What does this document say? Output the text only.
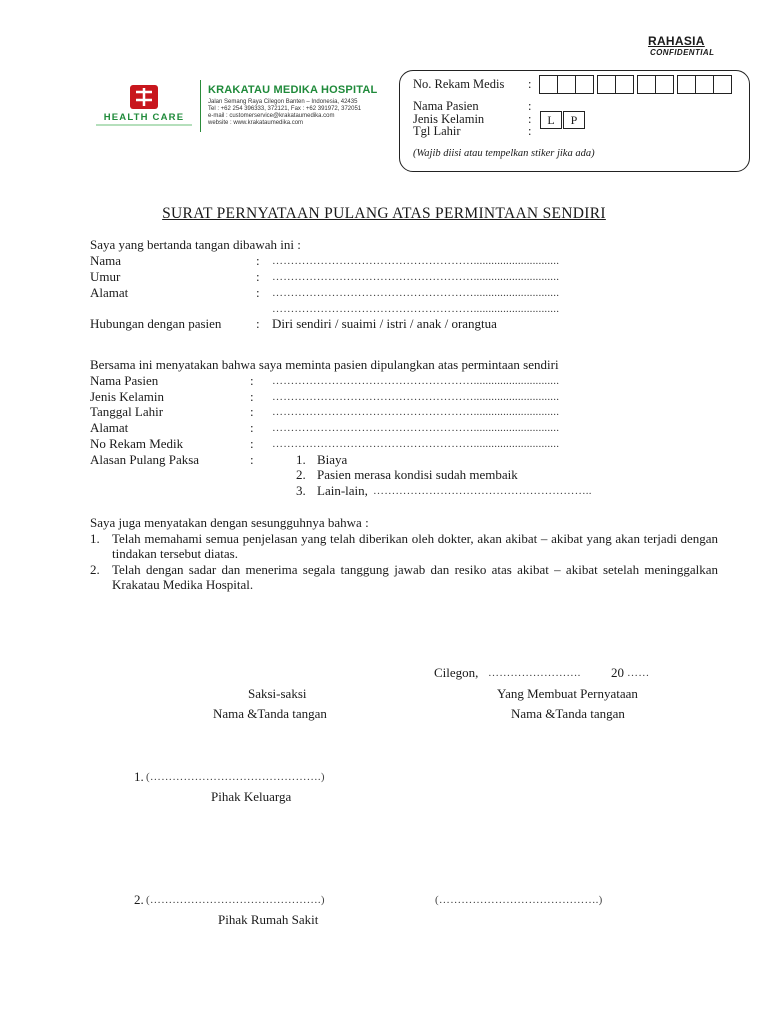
RAHASIA
CONFIDENTIAL
HEALTH CARE
KRAKATAU MEDIKA HOSPITAL
Jalan Semang Raya Cilegon Banten – Indonesia, 42435
Tel : +62 254 396333, 372121, Fax : +62 391972, 372051
e-mail : customerservice@krakataumedika.com
website : www.krakataumedika.com
No. Rekam Medis :
Nama Pasien	:
Jenis Kelamin	:	L	P
Tgl Lahir	:
(Wajib diisi atau tempelkan stiker jika ada)
SURAT PERNYATAAN PULANG ATAS PERMINTAAN SENDIRI
Saya yang bertanda tangan dibawah ini :
Nama	: ……………………………………………….............................
Umur	: ……………………………………………….............................
Alamat	: ……………………………………………….............................
……………………………………………….............................
Hubungan dengan pasien	: Diri sendiri / suaimi / istri / anak / orangtua
Bersama ini menyatakan bahwa saya meminta pasien dipulangkan atas permintaan sendiri
Nama Pasien	: ……………………………………………….............................
Jenis Kelamin	: ……………………………………………….............................
Tanggal Lahir	: ……………………………………………….............................
Alamat	: ……………………………………………….............................
No Rekam Medik	: ……………………………………………….............................
Alasan Pulang Paksa	:	1. Biaya
2. Pasien merasa kondisi sudah membaik
3. Lain-lain, …………………………………………………..
Saya juga menyatakan dengan sesungguhnya bahwa :
1. Telah memahami semua penjelasan yang telah diberikan oleh dokter, akan akibat – akibat yang akan terjadi dengan tindakan tersebut diatas.
2. Telah dengan sadar dan menerima segala tanggung jawab dan resiko atas akibat – akibat setelah meninggalkan Krakatau Medika Hospital.
Cilegon, ……………………. 20 ……
Saksi-saksi	Yang Membuat Pernyataan
Nama &Tanda tangan	Nama &Tanda tangan
1. (……………………………………….)
Pihak Keluarga
2. (……………………………………….)
Pihak Rumah Sakit
(…………………………………….)
